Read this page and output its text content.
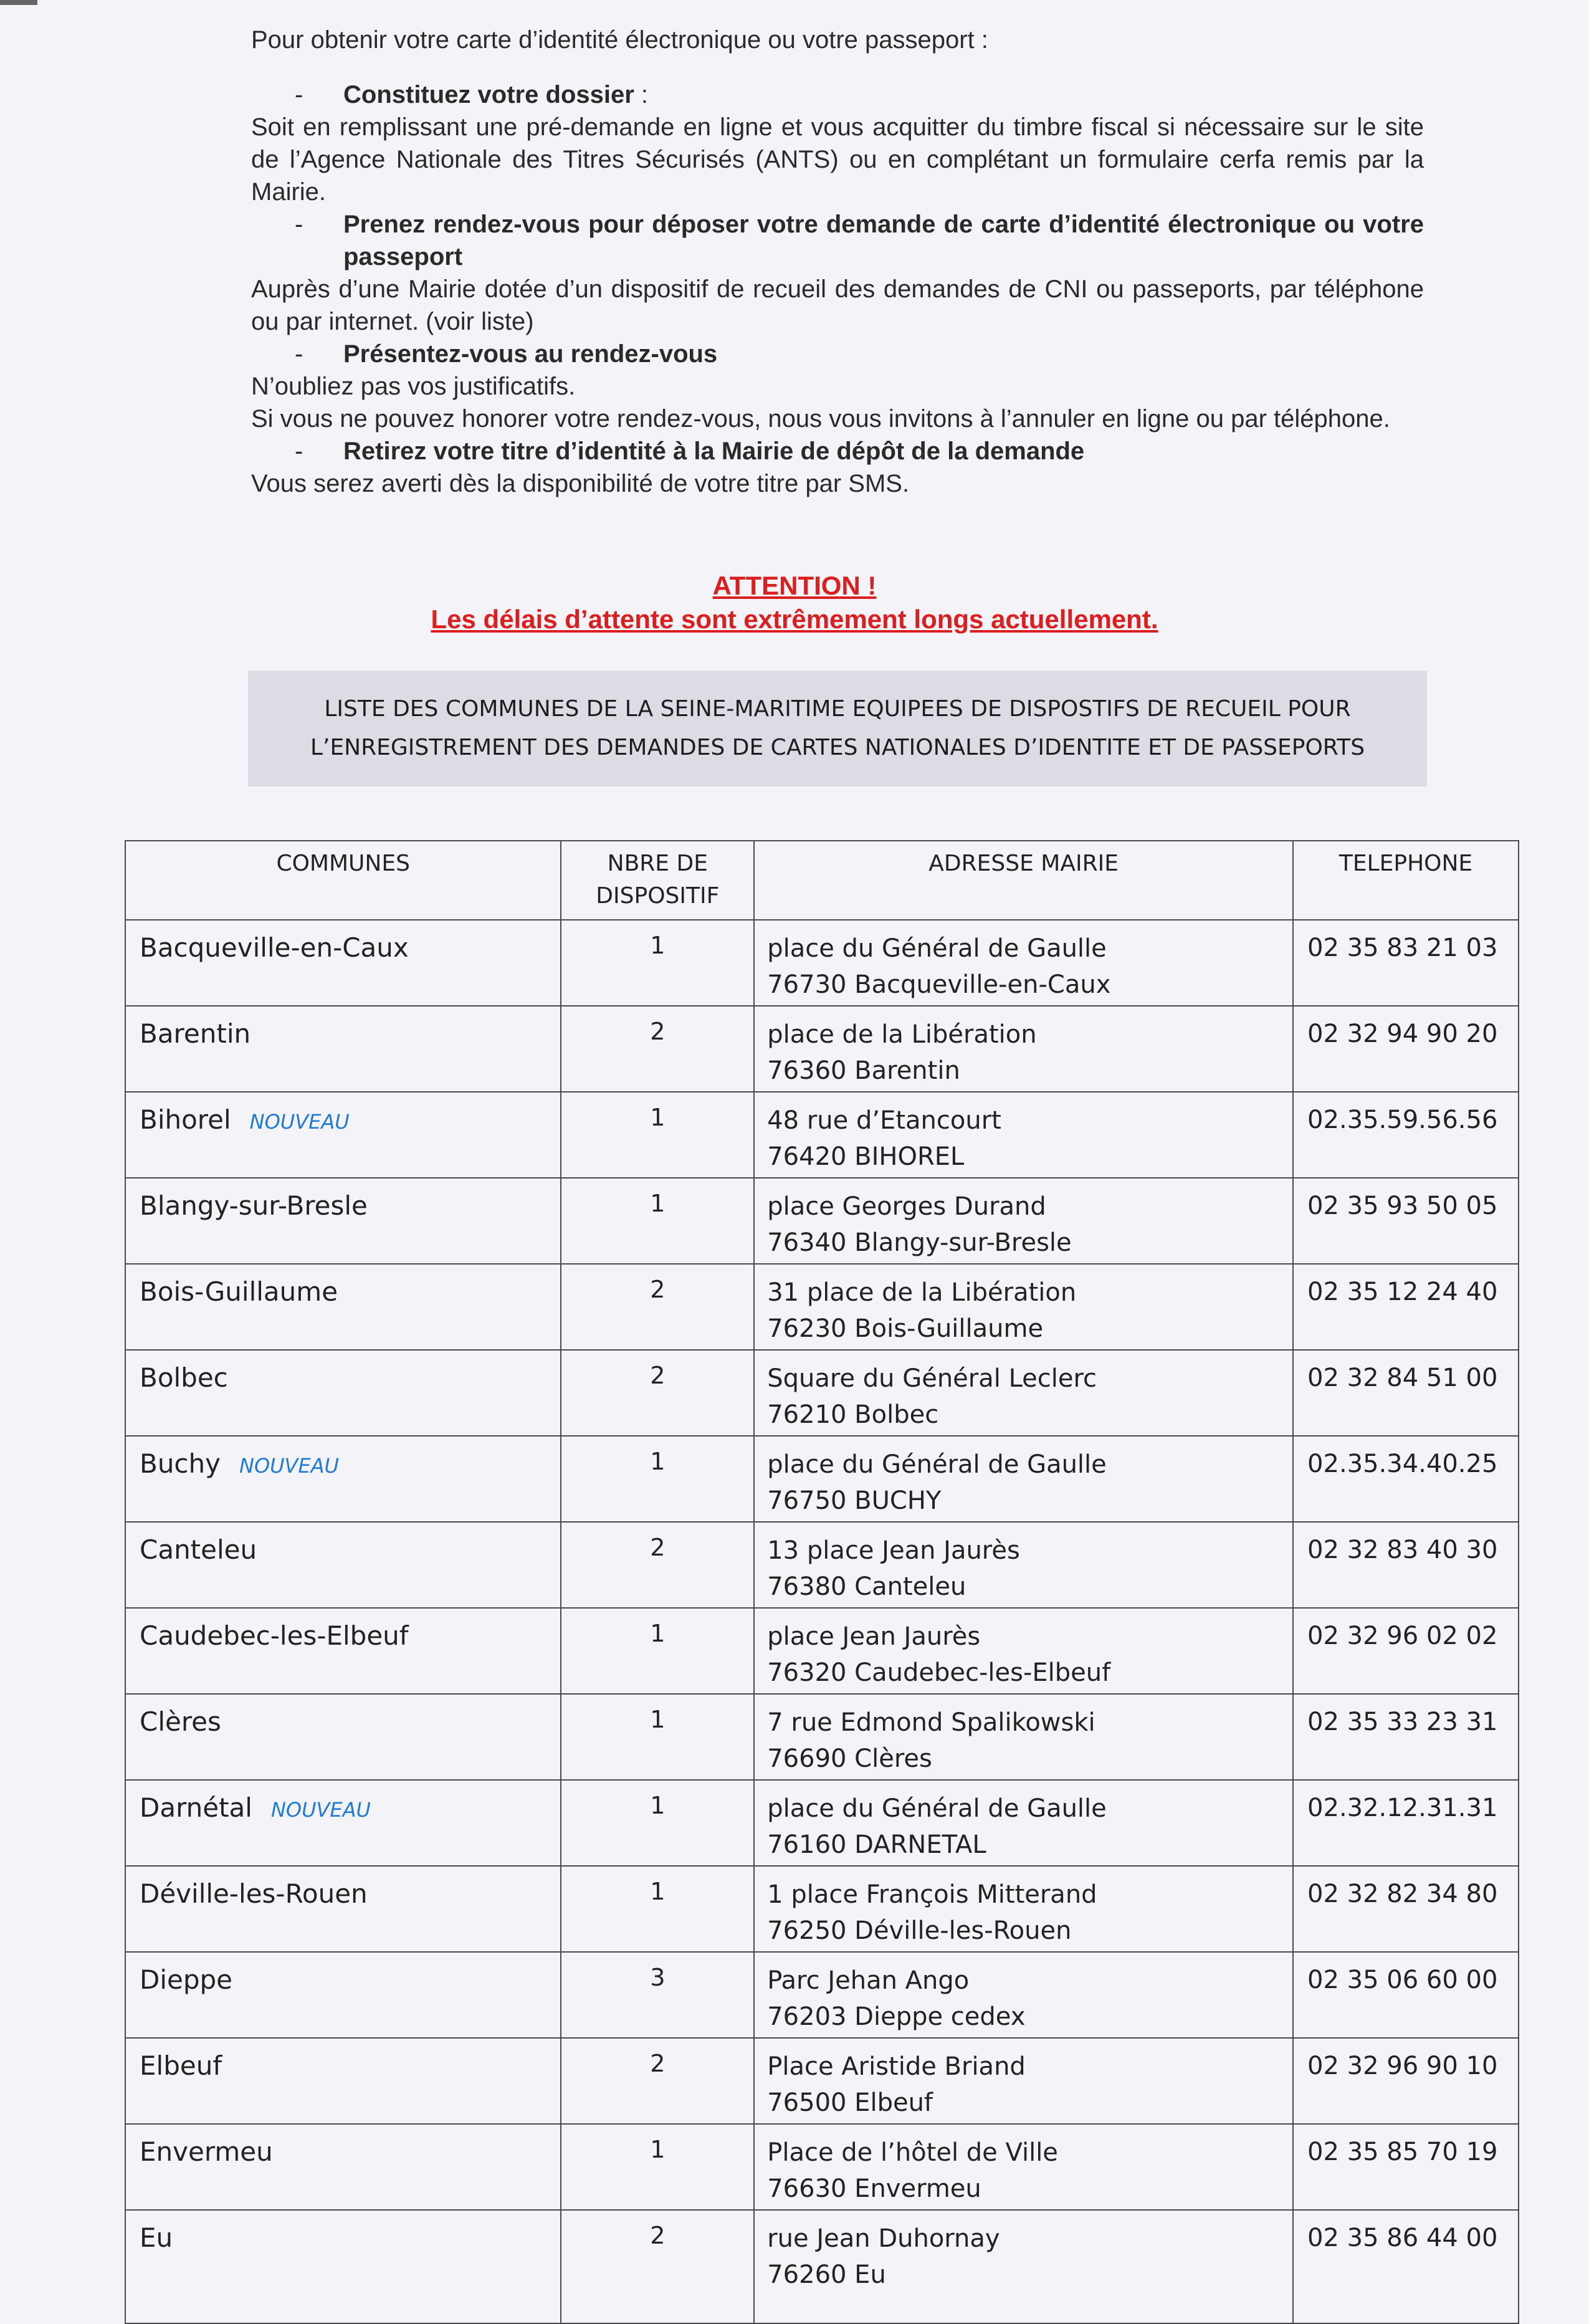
Pour obtenir votre carte d’identité électronique ou votre passeport :

- Constituez votre dossier :

Soit en remplissant une pré-demande en ligne et vous acquitter du timbre fiscal si nécessaire sur le site de l’Agence Nationale des Titres Sécurisés (ANTS) ou en complétant un formulaire cerfa remis par la Mairie.

- Prenez rendez-vous pour déposer votre demande de carte d’identité électronique ou votre passeport

Auprès d’une Mairie dotée d’un dispositif de recueil des demandes de CNI ou passeports, par téléphone ou par internet. (voir liste)

- Présentez-vous au rendez-vous

N’oubliez pas vos justificatifs.

Si vous ne pouvez honorer votre rendez-vous, nous vous invitons à l’annuler en ligne ou par téléphone.

- Retirez votre titre d’identité à la Mairie de dépôt de la demande

Vous serez averti dès la disponibilité de votre titre par SMS.

ATTENTION !
Les délais d’attente sont extrêmement longs actuellement.
LISTE DES COMMUNES DE LA SEINE-MARITIME EQUIPEES DE DISPOSTIFS DE RECUEIL POUR L’ENREGISTREMENT DES DEMANDES DE CARTES NATIONALES D’IDENTITE ET DE PASSEPORTS
COMMUNES	NBRE DE DISPOSITIF	ADRESSE MAIRIE	TELEPHONE
Bacqueville-en-Caux	1	place du Général de Gaulle
76730 Bacqueville-en-Caux	02 35 83 21 03
Barentin	2	place de la Libération
76360 Barentin	02 32 94 90 20
Bihorel NOUVEAU	1	48 rue d’Etancourt
76420 BIHOREL	02.35.59.56.56
Blangy-sur-Bresle	1	place Georges Durand
76340 Blangy-sur-Bresle	02 35 93 50 05
Bois-Guillaume	2	31 place de la Libération
76230 Bois-Guillaume	02 35 12 24 40
Bolbec	2	Square du Général Leclerc
76210 Bolbec	02 32 84 51 00
Buchy NOUVEAU	1	place du Général de Gaulle
76750 BUCHY	02.35.34.40.25
Canteleu	2	13 place Jean Jaurès
76380 Canteleu	02 32 83 40 30
Caudebec-les-Elbeuf	1	place Jean Jaurès
76320 Caudebec-les-Elbeuf	02 32 96 02 02
Clères	1	7 rue Edmond Spalikowski
76690 Clères	02 35 33 23 31
Darnétal NOUVEAU	1	place du Général de Gaulle
76160 DARNETAL	02.32.12.31.31
Déville-les-Rouen	1	1 place François Mitterand
76250 Déville-les-Rouen	02 32 82 34 80
Dieppe	3	Parc Jehan Ango
76203 Dieppe cedex	02 35 06 60 00
Elbeuf	2	Place Aristide Briand
76500 Elbeuf	02 32 96 90 10
Envermeu	1	Place de l’hôtel de Ville
76630 Envermeu	02 35 85 70 19
Eu	2	rue Jean Duhornay
76260 Eu	02 35 86 44 00
